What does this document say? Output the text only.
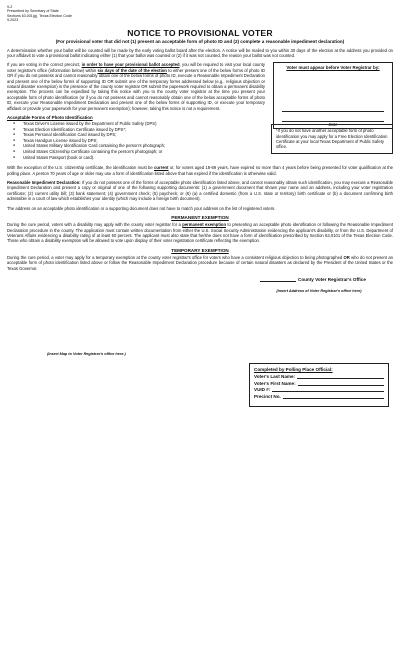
9-2
Prescribed by Secretary of State
Sections 63.001(g), Texas Election Code
9-2023
NOTICE TO PROVISIONAL VOTER
(For provisional voter that did not (1) present an acceptable form of photo ID and (2) complete a reasonable impediment declaration)

A determination whether your ballot will be counted will be made by the early voting ballot board after the election. A notice will be mailed to you within 30 days of the election at the address you provided on your affidavit to vote a provisional ballot indicating either (1) that your ballot was counted or (2) if it was not counted, the reason your ballot was not counted.

Voter must appear before Voter Registrar by:
Date

If you are voting in the correct precinct, in order to have your provisional ballot accepted, you will be required to visit your local county voter registrar's office (information below) within six days of the date of the election to either present one of the below forms of photo ID OR if you do not possess and cannot reasonably obtain one of the below forms of photo ID, execute a Reasonable Impediment Declaration and present one of the below forms of supporting ID OR submit one of the temporary forms addressed below (e.g., religious objection or natural disaster exemption) in the presence of the county voter registrar OR submit the paperwork required to obtain a permanent disability exemption. The process can be expedited by taking this notice with you to the county voter registrar at the time you present your acceptable form of photo identification (or if you do not possess and cannot reasonably obtain one of the below acceptable forms of photo ID, execute your Reasonable Impediment Declaration and present one of the below forms of supporting ID, or execute your temporary affidavit or provide your paperwork for your permanent exemption); however, taking this notice is not a requirement.

Acceptable Forms of Photo Identification
● Texas Driver's License issued by the Department of Public Safety (DPS)
● Texas Election Identification Certificate issued by DPS*;
● Texas Personal Identification Card issued by DPS;
● Texas Handgun License issued by DPS;
● United States Military Identification Card containing the person's photograph;
● United States Citizenship Certificate containing the person's photograph; or
● United States Passport (book or card).

*If you do not have another acceptable form of photo identification you may apply for a Free Election Identification Certificate at your local Texas Department of Public Safety office.

With the exception of the U.S. citizenship certificate, the identification must be current or, for voters aged 18-69 years, have expired no more than 4 years before being presented for voter qualification at the polling place. A person 70 years of age or older may use a form of identification listed above that has expired if the identification is otherwise valid.

Reasonable Impediment Declaration: If you do not possess one of the forms of acceptable photo identification listed above, and cannot reasonably obtain such identification, you may execute a Reasonable Impediment Declaration and present a copy or original of one of the following supporting documents: (1) a government document that shows your name and an address, including your voter registration certificate; (2) current utility bill; (3) bank statement; (4) government check; (5) paycheck; or (6) (a) a certified domestic (from a U.S. state or territory) birth certificate or (b) a document confirming birth admissible in a court of law which establishes your identity (which may include a foreign birth document).

The address on an acceptable photo identification or a supporting document does not have to match your address on the list of registered voters.

PERMANENT EXEMPTION

During the cure period, voters with a disability may apply with the county voter registrar for a permanent exemption to presenting an acceptable photo identification or following the Reasonable Impediment Declaration procedure in the county. The application must contain written documentation from either the U.S. Social Security Administration evidencing the applicant's disability, or from the U.S. Department of Veterans Affairs evidencing a disability rating of at least 50 percent. The applicant must also state that he/she does not have a form of identification prescribed by Section 63.0101 of the Texas Election Code. Those who obtain a disability exemption will be allowed to vote upon display of their voter registration certificate reflecting the exemption.

TEMPORARY EXEMPTION

During the cure period, a voter may apply for a temporary exemption at the county voter registrar's office for voters who have a consistent religious objection to being photographed OR who do not present an acceptable form of photo identification listed above or follow the Reasonable Impediment Declaration procedure because of certain natural disasters as declared by the President of the United States or the Texas Governor.

County Voter Registrar's Office
(Insert Address of Voter Registrar's office here)
(Insert Map to Voter Registrar's office here.)
Completed by Polling Place Official:
Voter's Last Name:
Voter's First Name:
VUID #:
Precinct No.
